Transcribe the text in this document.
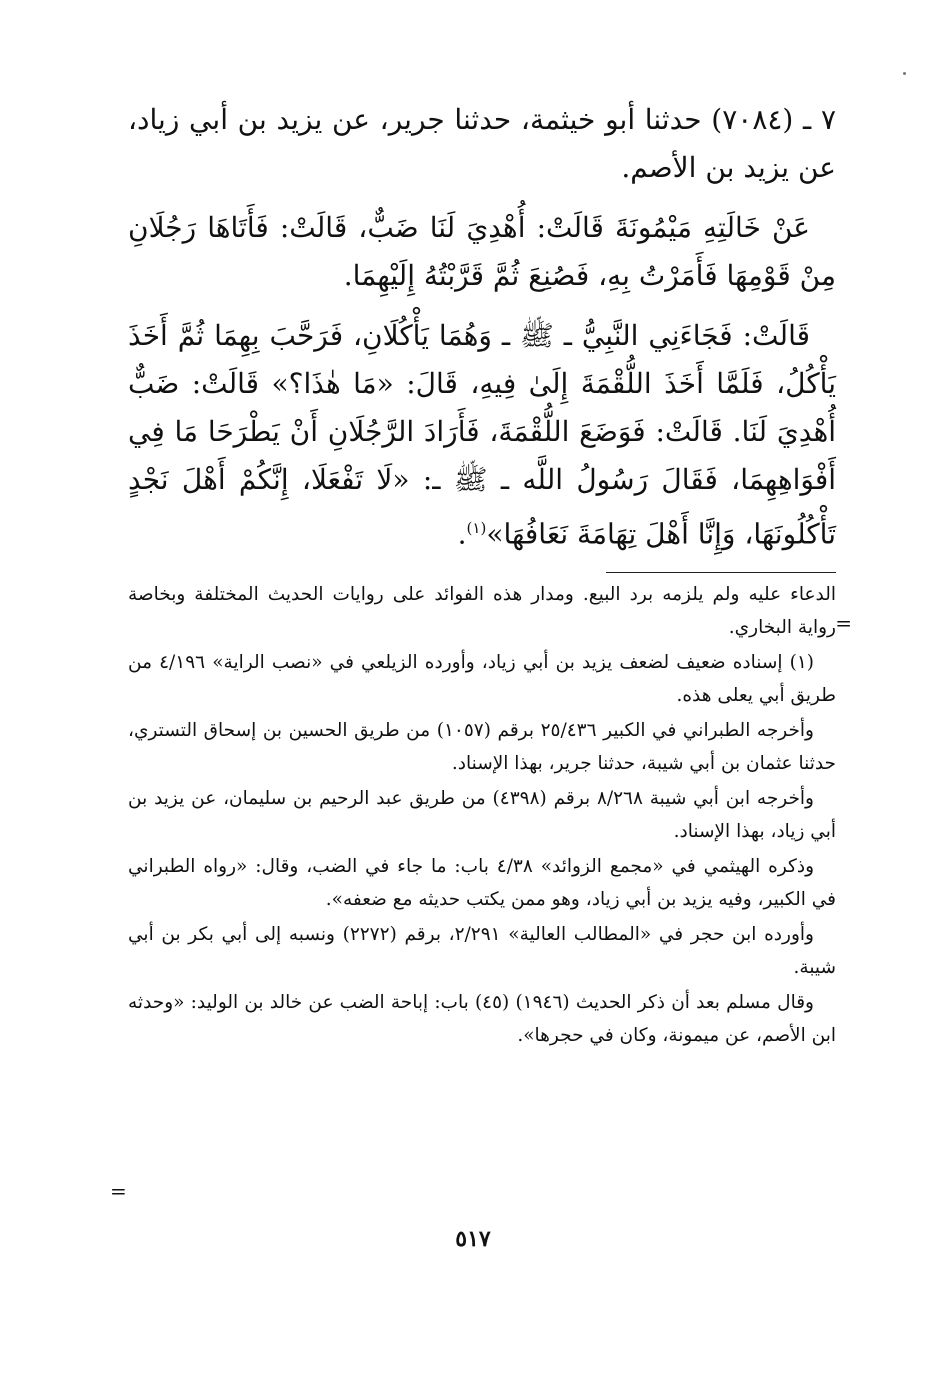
٧ ـ (٧٠٨٤) حدثنا أبو خيثمة، حدثنا جرير، عن يزيد بن أبي زياد، عن يزيد بن الأصم.

عَنْ خَالَتِهِ مَيْمُونَةَ قَالَتْ: أُهْدِيَ لَنَا ضَبٌّ، قَالَتْ: فَأَتَاهَا رَجُلَانِ مِنْ قَوْمِهَا فَأَمَرْتُ بِهِ، فَصُنِعَ ثُمَّ قَرَّبْتُهُ إِلَيْهِمَا.

قَالَتْ: فَجَاءَنِي النَّبِيُّ ـ ﷺ ـ وَهُمَا يَأْكُلَانِ، فَرَحَّبَ بِهِمَا ثُمَّ أَخَذَ يَأْكُلُ، فَلَمَّا أَخَذَ اللُّقْمَةَ إِلَىٰ فِيهِ، قَالَ: «مَا هٰذَا؟» قَالَتْ: ضَبٌّ أُهْدِيَ لَنَا. قَالَتْ: فَوَضَعَ اللُّقْمَةَ، فَأَرَادَ الرَّجُلَانِ أَنْ يَطْرَحَا مَا فِي أَفْوَاهِهِمَا، فَقَالَ رَسُولُ اللَّه ـ ﷺ ـ: «لَا تَفْعَلَا، إِنَّكُمْ أَهْلَ نَجْدٍ تَأْكُلُونَهَا، وَإِنَّا أَهْلَ تِهَامَةَ نَعَافُهَا»$^{(١)}$.

الدعاء عليه ولم يلزمه برد البيع. ومدار هذه الفوائد على روايات الحديث المختلفة وبخاصة رواية البخاري.

(١) إسناده ضعيف لضعف يزيد بن أبي زياد، وأورده الزيلعي في «نصب الراية» ٤/١٩٦ من طريق أبي يعلى هذه.

وأخرجه الطبراني في الكبير ٢٥/٤٣٦ برقم (١٠٥٧) من طريق الحسين بن إسحاق التستري، حدثنا عثمان بن أبي شيبة، حدثنا جرير، بهذا الإسناد.

وأخرجه ابن أبي شيبة ٨/٢٦٨ برقم (٤٣٩٨) من طريق عبد الرحيم بن سليمان، عن يزيد بن أبي زياد، بهذا الإسناد.

وذكره الهيثمي في «مجمع الزوائد» ٤/٣٨ باب: ما جاء في الضب، وقال: «رواه الطبراني في الكبير، وفيه يزيد بن أبي زياد، وهو ممن يكتب حديثه مع ضعفه».

وأورده ابن حجر في «المطالب العالية» ٢/٢٩١، برقم (٢٢٧٢) ونسبه إلى أبي بكر بن أبي شيبة.

وقال مسلم بعد أن ذكر الحديث (١٩٤٦) (٤٥) باب: إباحة الضب عن خالد بن الوليد: «وحدثه ابن الأصم، عن ميمونة، وكان في حجرها».

=
=
٥١٧
